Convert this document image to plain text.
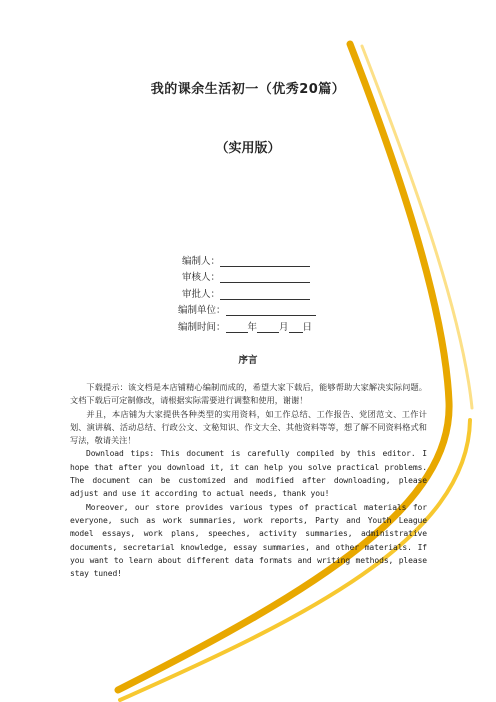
我的课余生活初一（优秀20篇）
（实用版）
编制人：
审核人：
审批人：
编制单位：
编制时间： 年 月 日
序言

下载提示：该文档是本店铺精心编制而成的，希望大家下载后，能够帮助大家解决实际问题。文档下载后可定制修改，请根据实际需要进行调整和使用，谢谢！

并且，本店铺为大家提供各种类型的实用资料，如工作总结、工作报告、党团范文、工作计划、演讲稿、活动总结、行政公文、文秘知识、作文大全、其他资料等等，想了解不同资料格式和写法，敬请关注！

Download tips: This document is carefully compiled by this editor. I hope that after you download it, it can help you solve practical problems. The document can be customized and modified after downloading, please adjust and use it according to actual needs, thank you!

Moreover, our store provides various types of practical materials for everyone, such as work summaries, work reports, Party and Youth League model essays, work plans, speeches, activity summaries, administrative documents, secretarial knowledge, essay summaries, and other materials. If you want to learn about different data formats and writing methods, please stay tuned!
